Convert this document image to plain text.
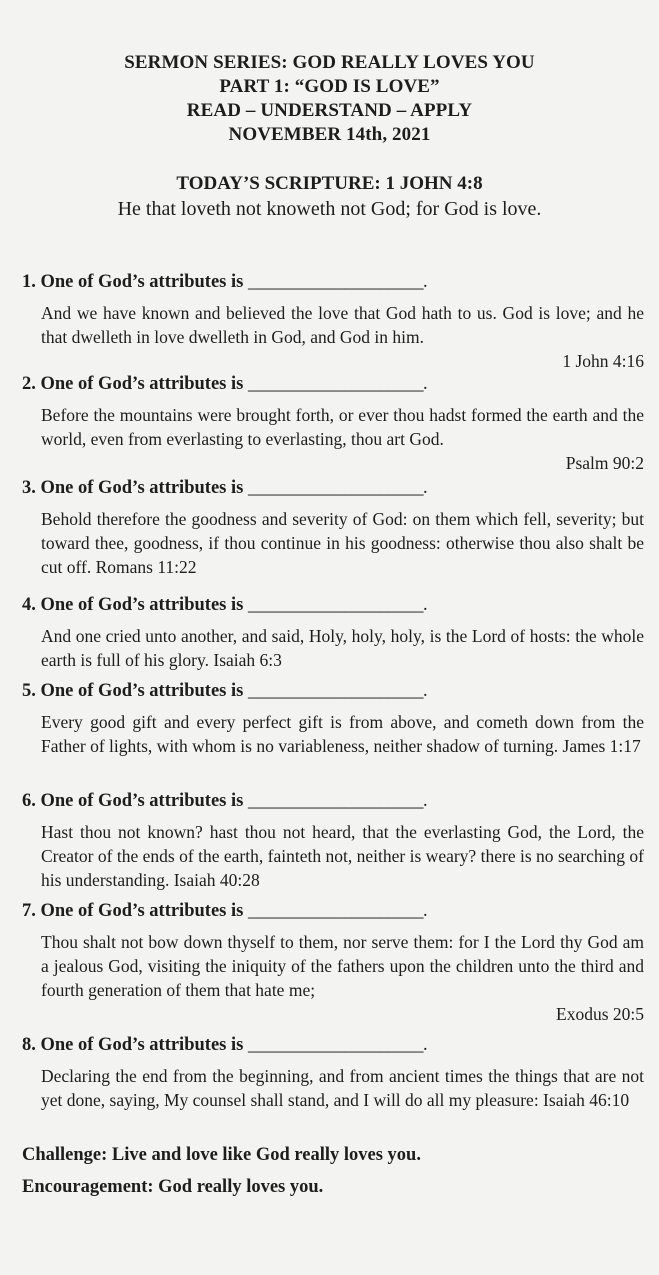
SERMON SERIES: GOD REALLY LOVES YOU
PART 1: “GOD IS LOVE”
READ – UNDERSTAND – APPLY
NOVEMBER 14th, 2021
TODAY’S SCRIPTURE: 1 JOHN 4:8
He that loveth not knoweth not God; for God is love.
1. One of God’s attributes is ____________________.
And we have known and believed the love that God hath to us. God is love; and he that dwelleth in love dwelleth in God, and God in him.
1 John 4:16
2. One of God’s attributes is ____________________.
Before the mountains were brought forth, or ever thou hadst formed the earth and the world, even from everlasting to everlasting, thou art God.
Psalm 90:2
3. One of God’s attributes is ____________________.
Behold therefore the goodness and severity of God: on them which fell, severity; but toward thee, goodness, if thou continue in his goodness: otherwise thou also shalt be cut off. Romans 11:22
4. One of God’s attributes is ____________________.
And one cried unto another, and said, Holy, holy, holy, is the Lord of hosts: the whole earth is full of his glory. Isaiah 6:3
5. One of God’s attributes is ____________________.
Every good gift and every perfect gift is from above, and cometh down from the Father of lights, with whom is no variableness, neither shadow of turning. James 1:17
6. One of God’s attributes is ____________________.
Hast thou not known? hast thou not heard, that the everlasting God, the Lord, the Creator of the ends of the earth, fainteth not, neither is weary? there is no searching of his understanding. Isaiah 40:28
7. One of God’s attributes is ____________________.
Thou shalt not bow down thyself to them, nor serve them: for I the Lord thy God am a jealous God, visiting the iniquity of the fathers upon the children unto the third and fourth generation of them that hate me;
Exodus 20:5
8. One of God’s attributes is ____________________.
Declaring the end from the beginning, and from ancient times the things that are not yet done, saying, My counsel shall stand, and I will do all my pleasure: Isaiah 46:10
Challenge: Live and love like God really loves you.
Encouragement: God really loves you.
